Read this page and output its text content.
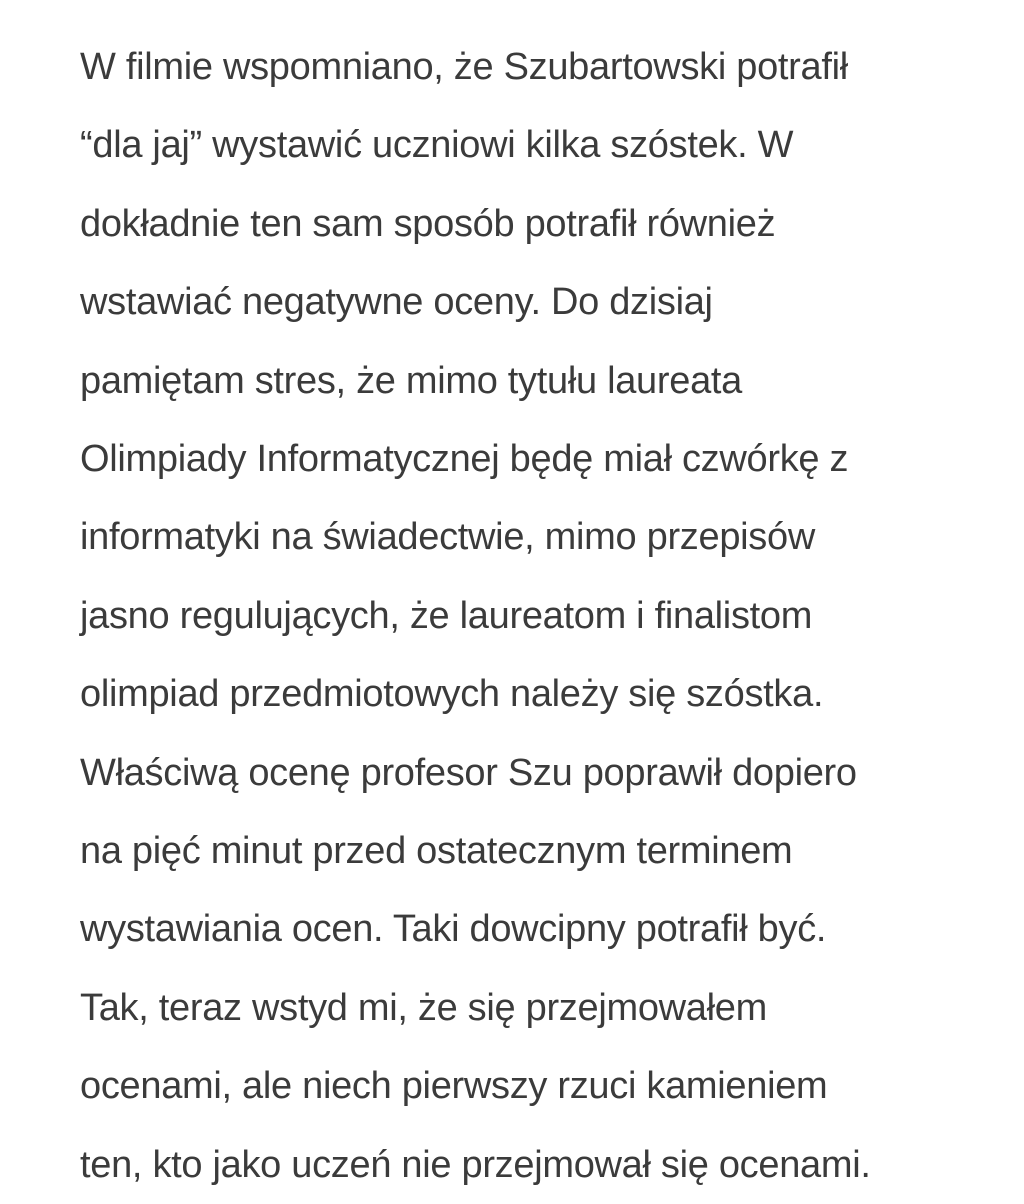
W filmie wspomniano, że Szubartowski potrafił
“dla jaj” wystawić uczniowi kilka szóstek. W
dokładnie ten sam sposób potrafił również
wstawiać negatywne oceny. Do dzisiaj
pamiętam stres, że mimo tytułu laureata
Olimpiady Informatycznej będę miał czwórkę z
informatyki na świadectwie, mimo przepisów
jasno regulujących, że laureatom i finalistom
olimpiad przedmiotowych należy się szóstka.
Właściwą ocenę profesor Szu poprawił dopiero
na pięć minut przed ostatecznym terminem
wystawiania ocen. Taki dowcipny potrafił być.
Tak, teraz wstyd mi, że się przejmowałem
ocenami, ale niech pierwszy rzuci kamieniem
ten, kto jako uczeń nie przejmował się ocenami.
